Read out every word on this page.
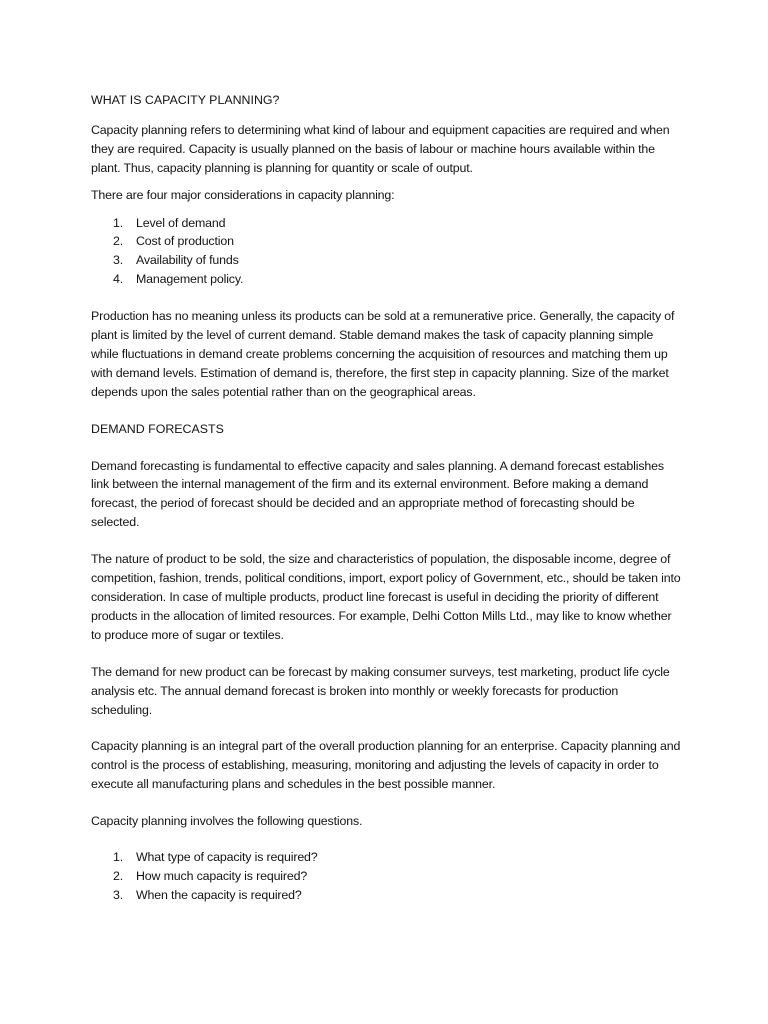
WHAT IS CAPACITY PLANNING?

Capacity planning refers to determining what kind of labour and equipment capacities are required and when they are required. Capacity is usually planned on the basis of labour or machine hours available within the plant. Thus, capacity planning is planning for quantity or scale of output.

There are four major considerations in capacity planning:

1. Level of demand
2. Cost of production
3. Availability of funds
4. Management policy.

Production has no meaning unless its products can be sold at a remunerative price. Generally, the capacity of plant is limited by the level of current demand. Stable demand makes the task of capacity planning simple while fluctuations in demand create problems concerning the acquisition of resources and matching them up with demand levels. Estimation of demand is, therefore, the first step in capacity planning. Size of the market depends upon the sales potential rather than on the geographical areas.

DEMAND FORECASTS

Demand forecasting is fundamental to effective capacity and sales planning. A demand forecast establishes link between the internal management of the firm and its external environment. Before making a demand forecast, the period of forecast should be decided and an appropriate method of forecasting should be selected.

The nature of product to be sold, the size and characteristics of population, the disposable income, degree of competition, fashion, trends, political conditions, import, export policy of Government, etc., should be taken into consideration. In case of multiple products, product line forecast is useful in deciding the priority of different products in the allocation of limited resources. For example, Delhi Cotton Mills Ltd., may like to know whether to produce more of sugar or textiles.

The demand for new product can be forecast by making consumer surveys, test marketing, product life cycle analysis etc. The annual demand forecast is broken into monthly or weekly forecasts for production scheduling.

Capacity planning is an integral part of the overall production planning for an enterprise. Capacity planning and control is the process of establishing, measuring, monitoring and adjusting the levels of capacity in order to execute all manufacturing plans and schedules in the best possible manner.

Capacity planning involves the following questions.

1. What type of capacity is required?
2. How much capacity is required?
3. When the capacity is required?
